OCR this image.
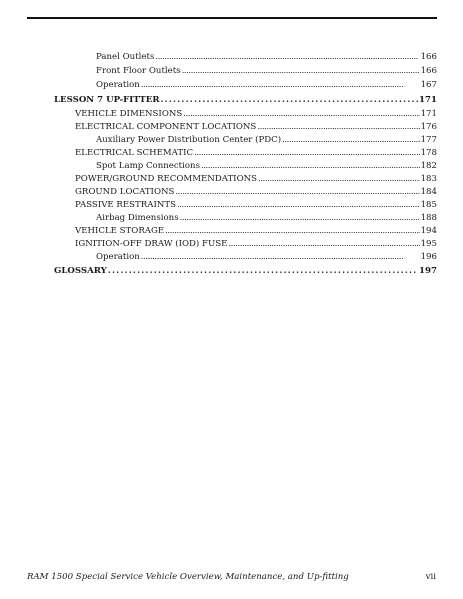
Panel Outlets . . .	166
Front Floor Outlets . . .	166
Operation . . .	167
LESSON 7 UP-FITTER . . .	171
VEHICLE DIMENSIONS . . .	171
ELECTRICAL COMPONENT LOCATIONS . . .	176
Auxiliary Power Distribution Center (PDC) . . .	177
ELECTRICAL SCHEMATIC . . .	178
Spot Lamp Connections . . .	182
POWER/GROUND RECOMMENDATIONS . . .	183
GROUND LOCATIONS . . .	184
PASSIVE RESTRAINTS . . .	185
Airbag Dimensions . . .	188
VEHICLE STORAGE . . .	194
IGNITION-OFF DRAW (IOD) FUSE . . .	195
Operation . . .	196
GLOSSARY . . .	197
RAM 1500 Special Service Vehicle Overview, Maintenance, and Up-fitting	vii
